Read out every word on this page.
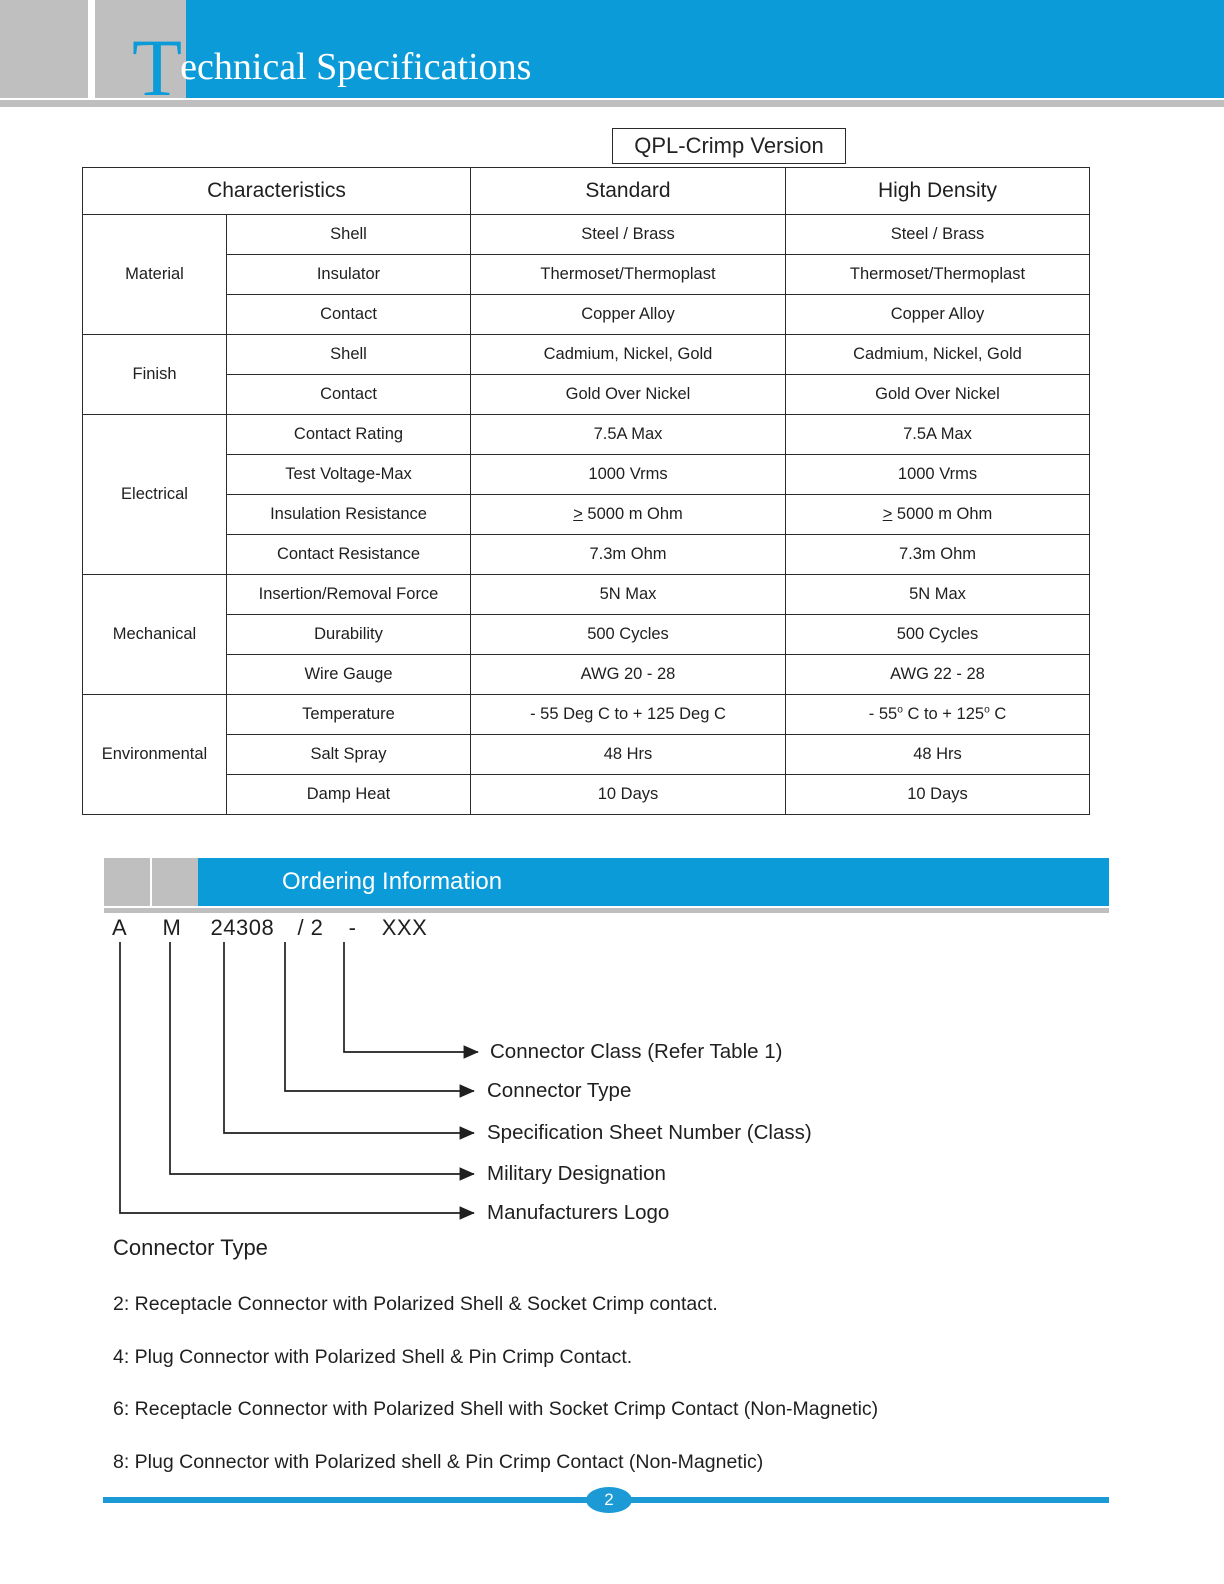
T
echnical Specifications
QPL-Crimp Version
Characteristics		Standard	High Density
Material	Shell	Steel / Brass	Steel / Brass
	Insulator	Thermoset/Thermoplast	Thermoset/Thermoplast
	Contact	Copper Alloy	Copper Alloy
Finish	Shell	Cadmium, Nickel, Gold	Cadmium, Nickel, Gold
	Contact	Gold Over Nickel	Gold Over Nickel
Electrical	Contact Rating	7.5A Max	7.5A Max
	Test Voltage-Max	1000 Vrms	1000 Vrms
	Insulation Resistance	> 5000 m Ohm	> 5000 m Ohm
	Contact Resistance	7.3m Ohm	7.3m Ohm
Mechanical	Insertion/Removal Force	5N Max	5N Max
	Durability	500 Cycles	500 Cycles
	Wire Gauge	AWG 20 - 28	AWG 22 - 28
Environmental	Temperature	- 55 Deg C to + 125 Deg C	- 55$^o$ C to + $125^o$ C
	Salt Spray	48 Hrs	48 Hrs
	Damp Heat	10 Days	10 Days
Ordering Information
A M 24308 / 2 - XXX
Connector Class (Refer Table 1)
Connector Type
Specification Sheet Number (Class)
Military Designation
Manufacturers Logo
Connector Type
2: Receptacle Connector with Polarized Shell & Socket Crimp contact.
4: Plug Connector with Polarized Shell & Pin Crimp Contact.
6: Receptacle Connector with Polarized Shell with Socket Crimp Contact (Non-Magnetic)
8: Plug Connector with Polarized shell & Pin Crimp Contact (Non-Magnetic)
2
